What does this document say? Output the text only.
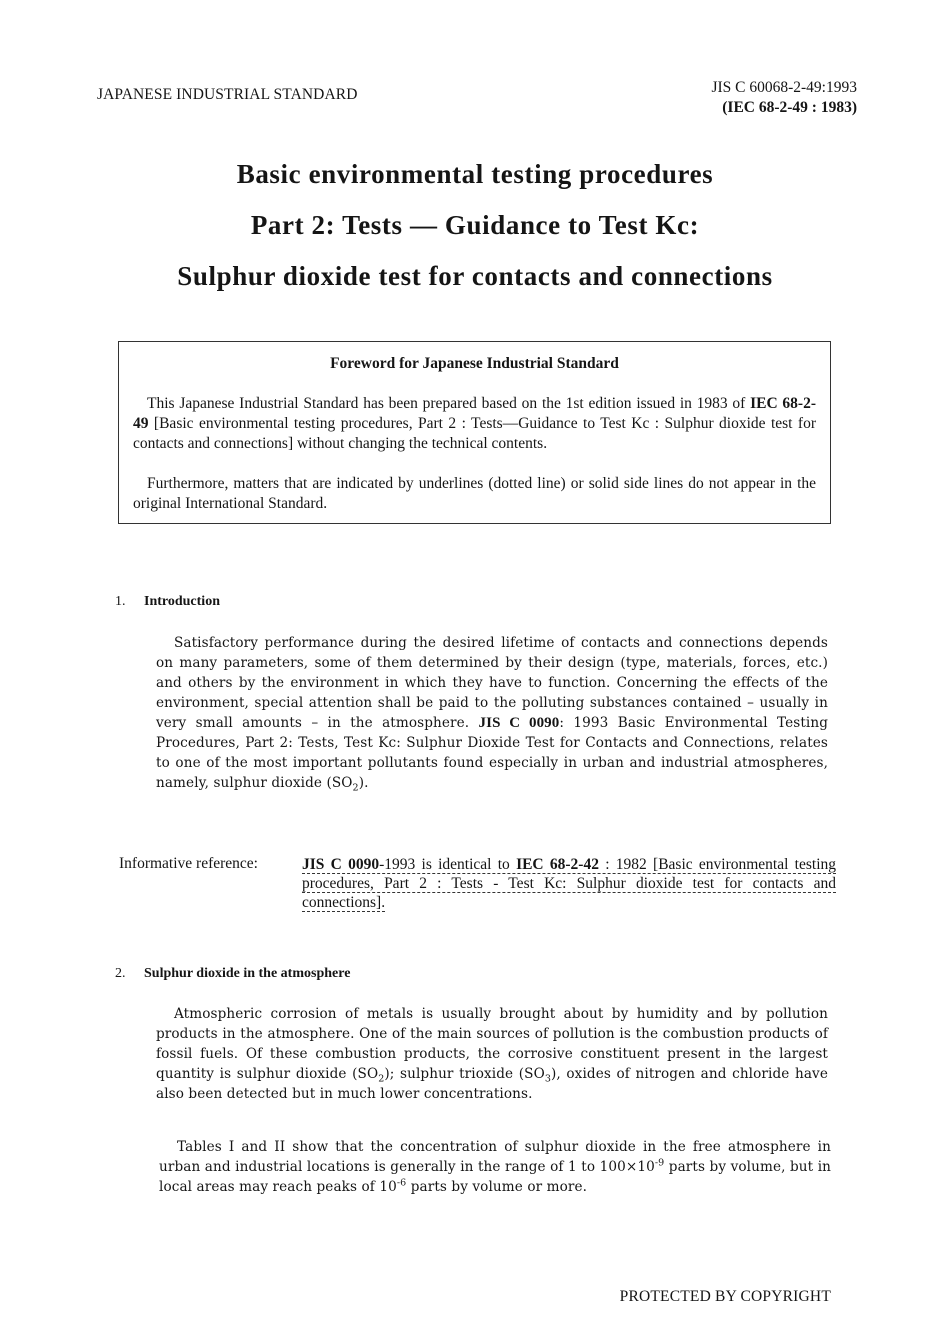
JAPANESE INDUSTRIAL STANDARD	JIS C 60068-2-49:1993
(IEC 68-2-49 : 1983)
Basic environmental testing procedures
Part 2: Tests — Guidance to Test Kc:
Sulphur dioxide test for contacts and connections
Foreword for Japanese Industrial Standard

This Japanese Industrial Standard has been prepared based on the 1st edition issued in 1983 of IEC 68-2-49 [Basic environmental testing procedures, Part 2 : Tests—Guidance to Test Kc : Sulphur dioxide test for contacts and connections] without changing the technical contents.

Furthermore, matters that are indicated by underlines (dotted line) or solid side lines do not appear in the original International Standard.

1. Introduction
Satisfactory performance during the desired lifetime of contacts and connections depends on many parameters, some of them determined by their design (type, materials, forces, etc.) and others by the environment in which they have to function. Concerning the effects of the environment, special attention shall be paid to the polluting substances contained – usually in very small amounts – in the atmosphere. JIS C 0090: 1993 Basic Environmental Testing Procedures, Part 2: Tests, Test Kc: Sulphur Dioxide Test for Contacts and Connections, relates to one of the most important pollutants found especially in urban and industrial atmospheres, namely, sulphur dioxide $(SO_2)$.
Informative reference:	JIS C 0090-1993 is identical to IEC 68-2-42 : 1982 [Basic environmental testing procedures, Part 2 : Tests - Test Kc: Sulphur dioxide test for contacts and connections].
2. Sulphur dioxide in the atmosphere
Atmospheric corrosion of metals is usually brought about by humidity and by pollution products in the atmosphere. One of the main sources of pollution is the combustion products of fossil fuels. Of these combustion products, the corrosive constituent present in the largest quantity is sulphur dioxide $(SO_2)$; sulphur trioxide $(SO_3)$, oxides of nitrogen and chloride have also been detected but in much lower concentrations.
Tables I and II show that the concentration of sulphur dioxide in the free atmosphere in urban and industrial locations is generally in the range of 1 to $100\times 10^{-9}$ parts by volume, but in local areas may reach peaks of $10^{-6}$ parts by volume or more.
PROTECTED BY COPYRIGHT
